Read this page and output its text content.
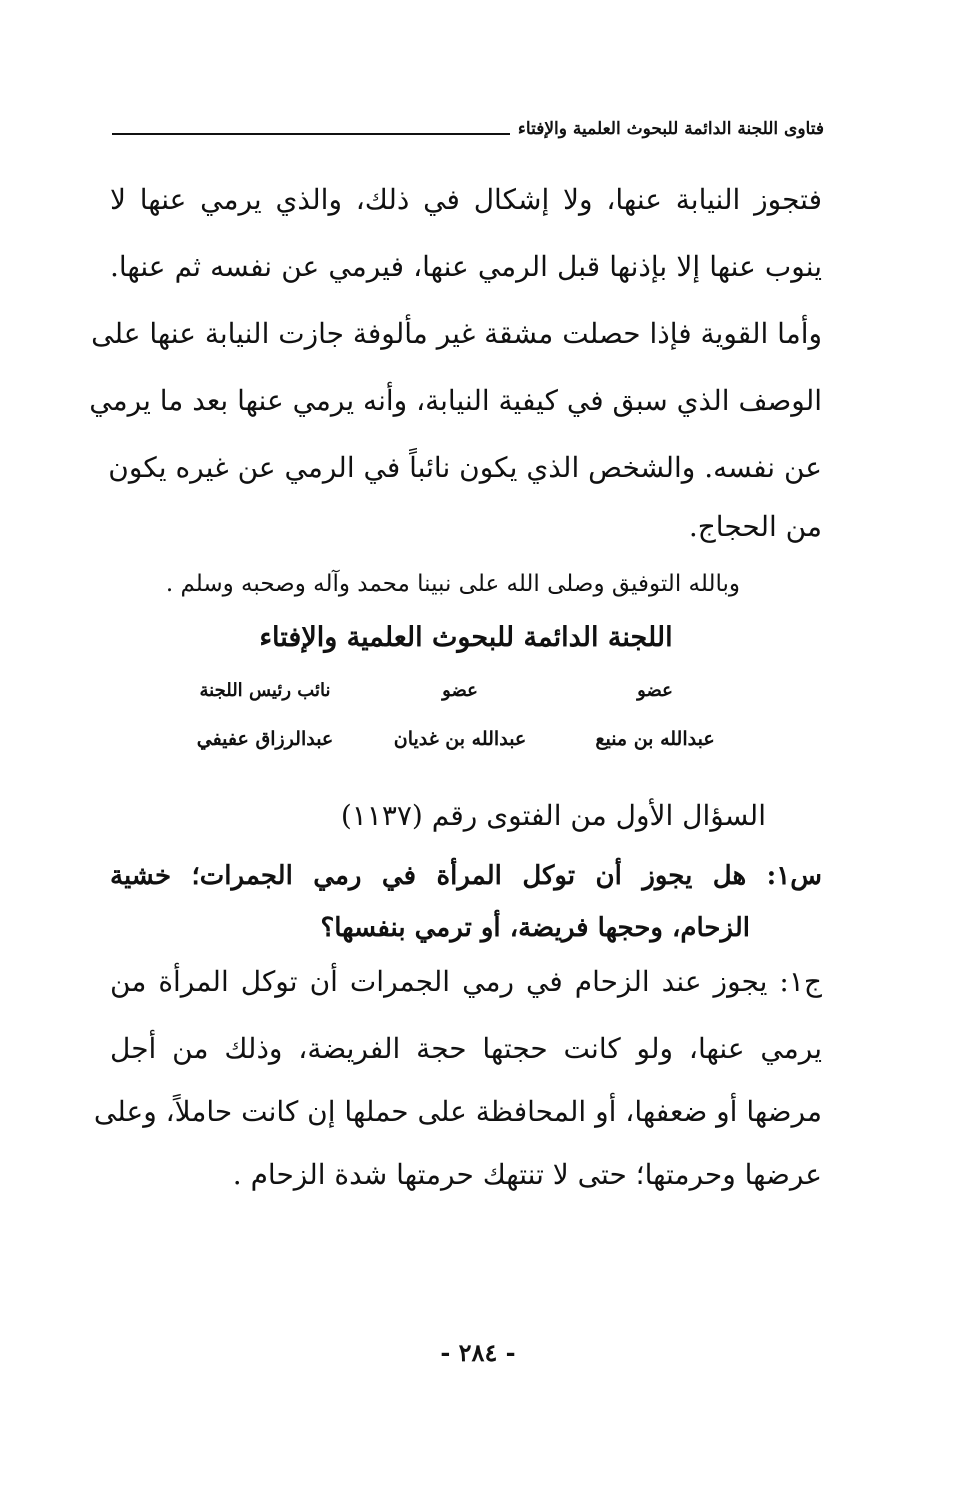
فتاوى اللجنة الدائمة للبحوث العلمية والإفتاء
فتجوز النيابة عنها، ولا إشكال في ذلك، والذي يرمي عنها لا
ينوب عنها إلا بإذنها قبل الرمي عنها، فيرمي عن نفسه ثم عنها.
وأما القوية فإذا حصلت مشقة غير مألوفة جازت النيابة عنها على
الوصف الذي سبق في كيفية النيابة، وأنه يرمي عنها بعد ما يرمي
عن نفسه. والشخص الذي يكون نائباً في الرمي عن غيره يكون
من الحجاج.
وبالله التوفيق وصلى الله على نبينا محمد وآله وصحبه وسلم .
اللجنة الدائمة للبحوث العلمية والإفتاء
عضو
عبدالله بن منيع
عضو
عبدالله بن غديان
نائب رئيس اللجنة
عبدالرزاق عفيفي
السؤال الأول من الفتوى رقم (١١٣٧)
س١: هل يجوز أن توكل المرأة في رمي الجمرات؛ خشية
الزحام، وحجها فريضة، أو ترمي بنفسها؟
ج١: يجوز عند الزحام في رمي الجمرات أن توكل المرأة من
يرمي عنها، ولو كانت حجتها حجة الفريضة، وذلك من أجل
مرضها أو ضعفها، أو المحافظة على حملها إن كانت حاملاً، وعلى
عرضها وحرمتها؛ حتى لا تنتهك حرمتها شدة الزحام .
- ٢٨٤ -
